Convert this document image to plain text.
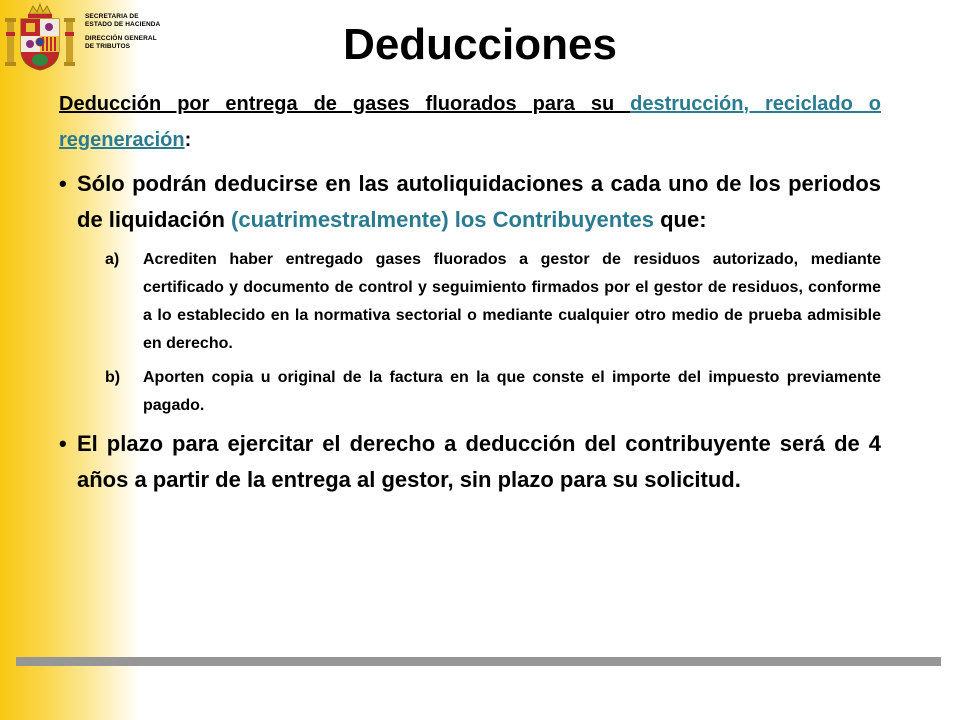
SECRETARIA DE
ESTADO DE HACIENDA
DIRECCIÓN GENERAL
DE TRIBUTOS	Deducciones

Deducción por entrega de gases fluorados para su destrucción, reciclado o regeneración:

• Sólo podrán deducirse en las autoliquidaciones a cada uno de los periodos de liquidación (cuatrimestralmente) los Contribuyentes que:
a) Acrediten haber entregado gases fluorados a gestor de residuos autorizado, mediante certificado y documento de control y seguimiento firmados por el gestor de residuos, conforme a lo establecido en la normativa sectorial o mediante cualquier otro medio de prueba admisible en derecho.
b) Aporten copia u original de la factura en la que conste el importe del impuesto previamente pagado.
• El plazo para ejercitar el derecho a deducción del contribuyente será de 4 años a partir de la entrega al gestor, sin plazo para su solicitud.
